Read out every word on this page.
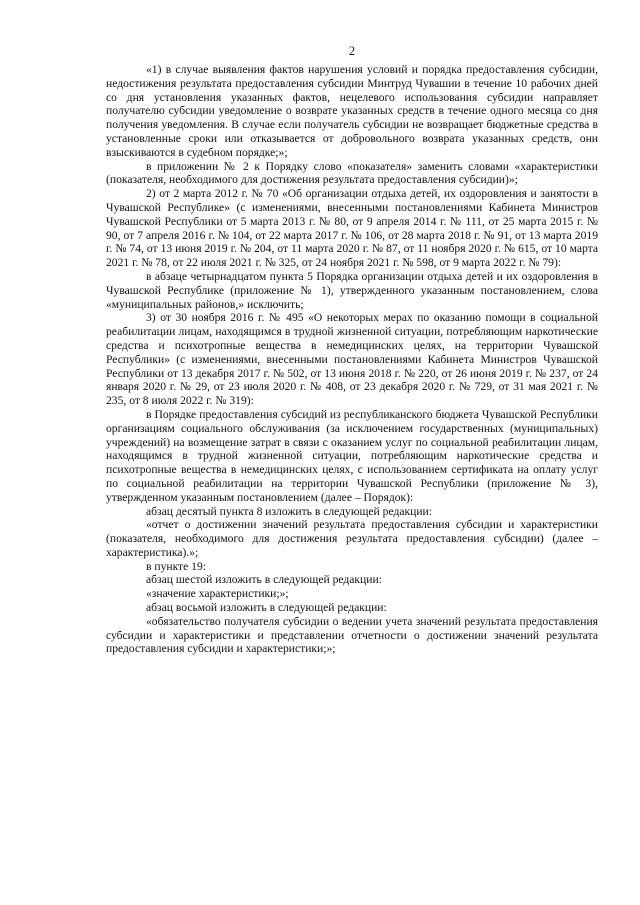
2

«1) в случае выявления фактов нарушения условий и порядка предоставления субсидии, недостижения результата предоставления субсидии Минтруд Чувашии в течение 10 рабочих дней со дня установления указанных фактов, нецелевого использования субсидии направляет получателю субсидии уведомление о возврате указанных средств в течение одного месяца со дня получения уведомления. В случае если получатель субсидии не возвращает бюджетные средства в установленные сроки или отказывается от добровольного возврата указанных средств, они взыскиваются в судебном порядке;»;

в приложении № 2 к Порядку слово «показателя» заменить словами «характеристики (показателя, необходимого для достижения результата предоставления субсидии)»;

2) от 2 марта 2012 г. № 70 «Об организации отдыха детей, их оздоровления и занятости в Чувашской Республике» (с изменениями, внесенными постановлениями Кабинета Министров Чувашской Республики от 5 марта 2013 г. № 80, от 9 апреля 2014 г. № 111, от 25 марта 2015 г. № 90, от 7 апреля 2016 г. № 104, от 22 марта 2017 г. № 106, от 28 марта 2018 г. № 91, от 13 марта 2019 г. № 74, от 13 июня 2019 г. № 204, от 11 марта 2020 г. № 87, от 11 ноября 2020 г. № 615, от 10 марта 2021 г. № 78, от 22 июля 2021 г. № 325, от 24 ноября 2021 г. № 598, от 9 марта 2022 г. № 79):

в абзаце четырнадцатом пункта 5 Порядка организации отдыха детей и их оздоровления в Чувашской Республике (приложение № 1), утвержденного указанным постановлением, слова «муниципальных районов,» исключить;

3) от 30 ноября 2016 г. № 495 «О некоторых мерах по оказанию помощи в социальной реабилитации лицам, находящимся в трудной жизненной ситуации, потребляющим наркотические средства и психотропные вещества в немедицинских целях, на территории Чувашской Республики» (с изменениями, внесенными постановлениями Кабинета Министров Чувашской Республики от 13 декабря 2017 г. № 502, от 13 июня 2018 г. № 220, от 26 июня 2019 г. № 237, от 24 января 2020 г. № 29, от 23 июля 2020 г. № 408, от 23 декабря 2020 г. № 729, от 31 мая 2021 г. № 235, от 8 июля 2022 г. № 319):

в Порядке предоставления субсидий из республиканского бюджета Чувашской Республики организациям социального обслуживания (за исключением государственных (муниципальных) учреждений) на возмещение затрат в связи с оказанием услуг по социальной реабилитации лицам, находящимся в трудной жизненной ситуации, потребляющим наркотические средства и психотропные вещества в немедицинских целях, с использованием сертификата на оплату услуг по социальной реабилитации на территории Чувашской Республики (приложение № 3), утвержденном указанным постановлением (далее – Порядок):

абзац десятый пункта 8 изложить в следующей редакции:

«отчет о достижении значений результата предоставления субсидии и характеристики (показателя, необходимого для достижения результата предоставления субсидии) (далее – характеристика).»;

в пункте 19:

абзац шестой изложить в следующей редакции:

«значение характеристики;»;

абзац восьмой изложить в следующей редакции:

«обязательство получателя субсидии о ведении учета значений результата предоставления субсидии и характеристики и представлении отчетности о достижении значений результата предоставления субсидии и характеристики;»;
